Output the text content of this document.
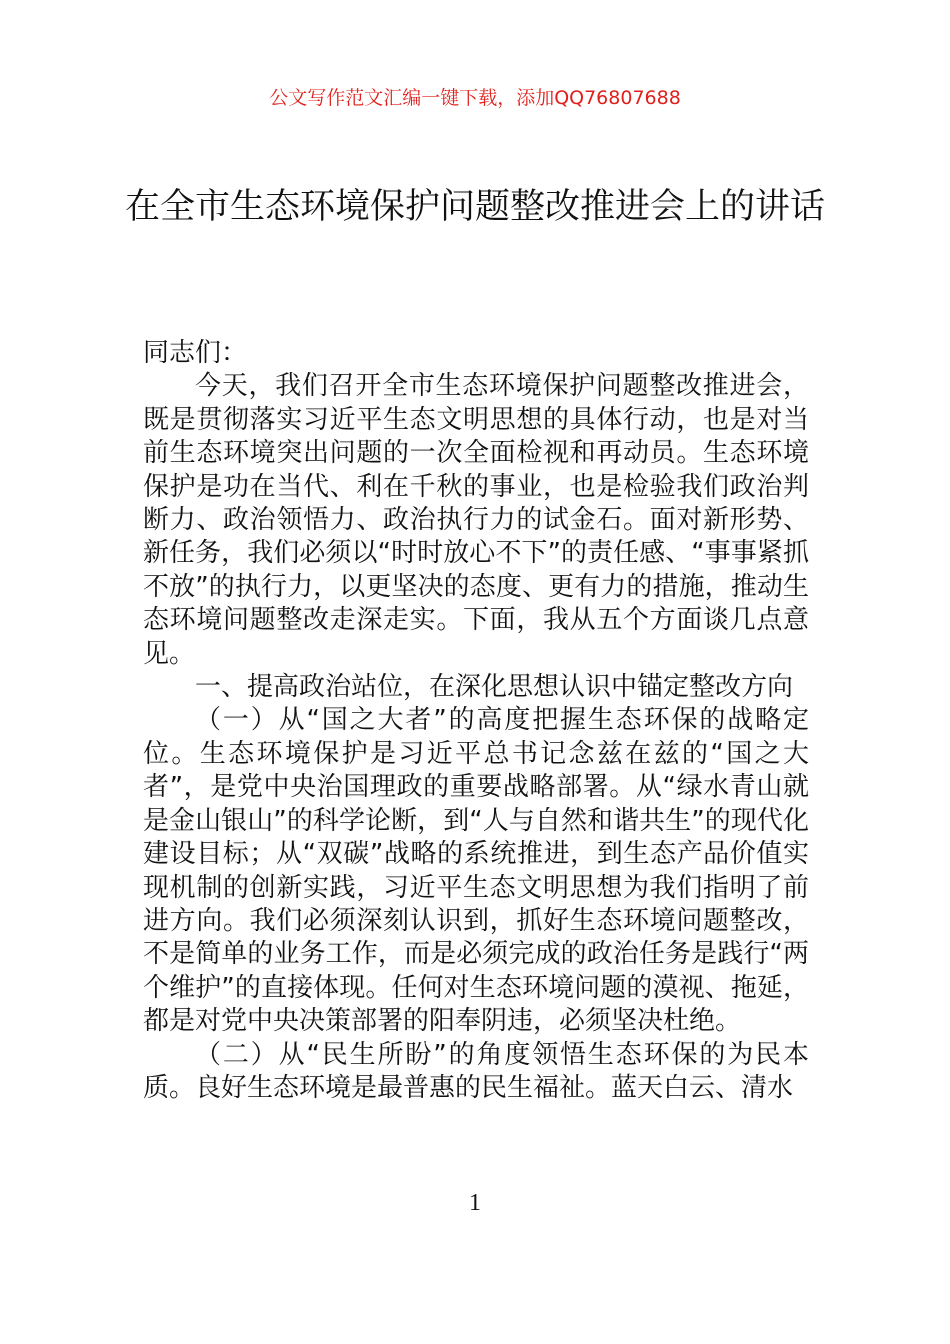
公文写作范文汇编一键下载，添加QQ76807688
在全市生态环境保护问题整改推进会上的讲话

同志们：

今天，我们召开全市生态环境保护问题整改推进会，既是贯彻落实习近平生态文明思想的具体行动，也是对当前生态环境突出问题的一次全面检视和再动员。生态环境保护是功在当代、利在千秋的事业，也是检验我们政治判断力、政治领悟力、政治执行力的试金石。面对新形势、新任务，我们必须以“时时放心不下”的责任感、“事事紧抓不放”的执行力，以更坚决的态度、更有力的措施，推动生态环境问题整改走深走实。下面，我从五个方面谈几点意见。

一、提高政治站位，在深化思想认识中锚定整改方向

（一）从“国之大者”的高度把握生态环保的战略定位。生态环境保护是习近平总书记念兹在兹的“国之大者”，是党中央治国理政的重要战略部署。从“绿水青山就是金山银山”的科学论断，到“人与自然和谐共生”的现代化建设目标；从“双碳”战略的系统推进，到生态产品价值实现机制的创新实践，习近平生态文明思想为我们指明了前进方向。我们必须深刻认识到，抓好生态环境问题整改，不是简单的业务工作，而是必须完成的政治任务是践行“两个维护”的直接体现。任何对生态环境问题的漠视、拖延，都是对党中央决策部署的阳奉阴违，必须坚决杜绝。

（二）从“民生所盼”的角度领悟生态环保的为民本质。良好生态环境是最普惠的民生福祉。蓝天白云、清水

1
